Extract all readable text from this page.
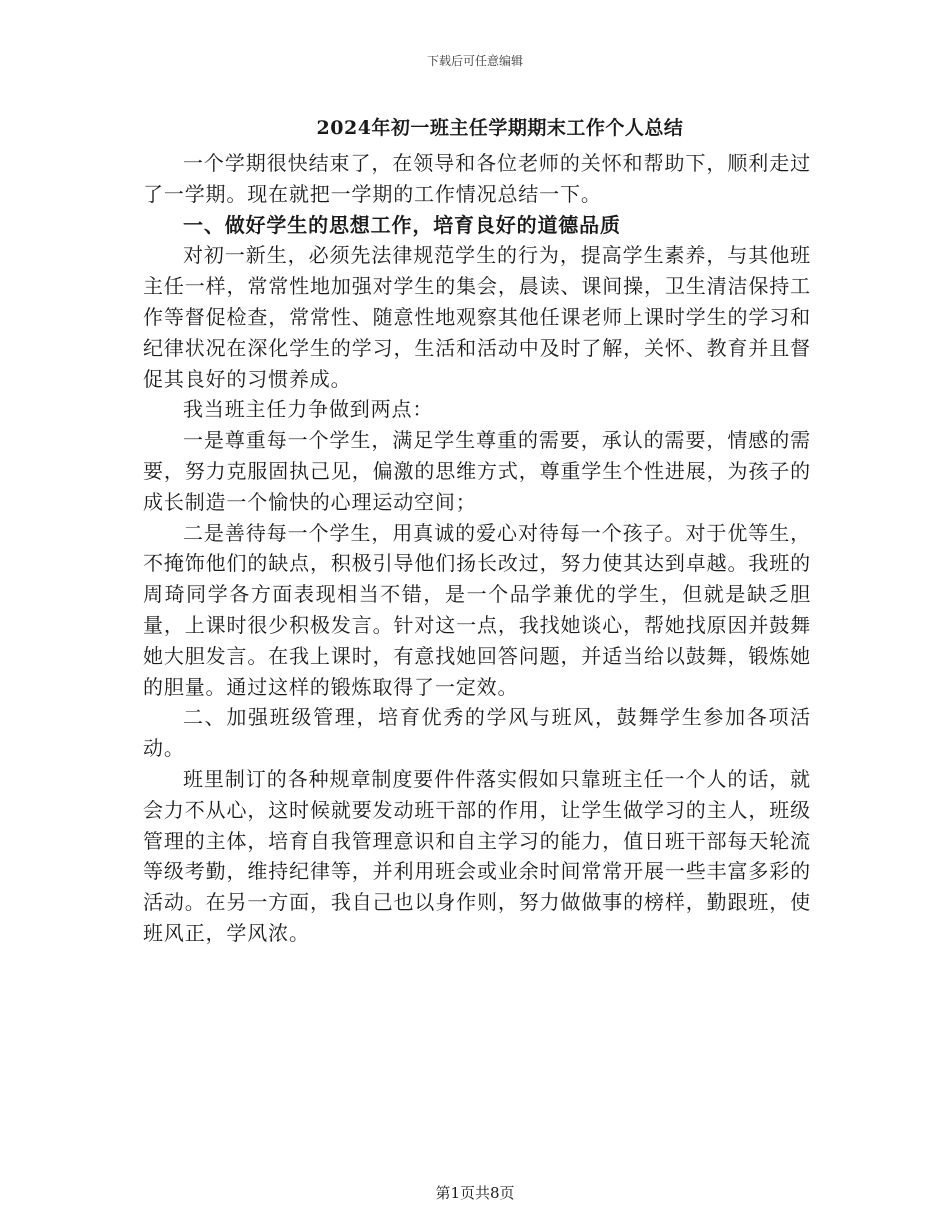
下载后可任意编辑
2024年初一班主任学期期末工作个人总结

一个学期很快结束了，在领导和各位老师的关怀和帮助下，顺利走过了一学期。现在就把一学期的工作情况总结一下。

一、做好学生的思想工作，培育良好的道德品质

对初一新生，必须先法律规范学生的行为，提高学生素养，与其他班主任一样，常常性地加强对学生的集会，晨读、课间操，卫生清洁保持工作等督促检查，常常性、随意性地观察其他任课老师上课时学生的学习和纪律状况在深化学生的学习，生活和活动中及时了解，关怀、教育并且督促其良好的习惯养成。

我当班主任力争做到两点：

一是尊重每一个学生，满足学生尊重的需要，承认的需要，情感的需要，努力克服固执己见，偏激的思维方式，尊重学生个性进展，为孩子的成长制造一个愉快的心理运动空间；

二是善待每一个学生，用真诚的爱心对待每一个孩子。对于优等生，不掩饰他们的缺点，积极引导他们扬长改过，努力使其达到卓越。我班的周琦同学各方面表现相当不错，是一个品学兼优的学生，但就是缺乏胆量，上课时很少积极发言。针对这一点，我找她谈心，帮她找原因并鼓舞她大胆发言。在我上课时，有意找她回答问题，并适当给以鼓舞，锻炼她的胆量。通过这样的锻炼取得了一定效。

二、加强班级管理，培育优秀的学风与班风，鼓舞学生参加各项活动。

班里制订的各种规章制度要件件落实假如只靠班主任一个人的话，就会力不从心，这时候就要发动班干部的作用，让学生做学习的主人，班级管理的主体，培育自我管理意识和自主学习的能力，值日班干部每天轮流等级考勤，维持纪律等，并利用班会或业余时间常常开展一些丰富多彩的活动。在另一方面，我自己也以身作则，努力做做事的榜样，勤跟班，使班风正，学风浓。

第1页共8页
